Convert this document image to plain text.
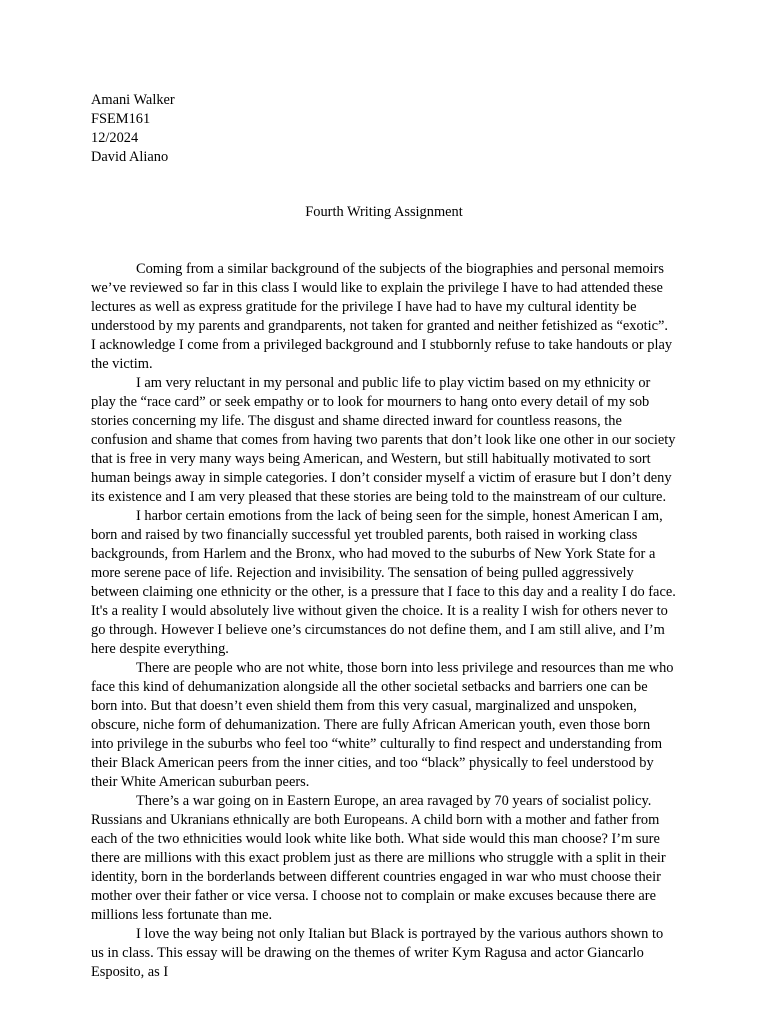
Amani Walker
FSEM161
12/2024
David Aliano
Fourth Writing Assignment

Coming from a similar background of the subjects of the biographies and personal memoirs we’ve reviewed so far in this class I would like to explain the privilege I have to had attended these lectures as well as express gratitude for the privilege I have had to have my cultural identity be understood by my parents and grandparents, not taken for granted and neither fetishized as “exotic”. I acknowledge I come from a privileged background and I stubbornly refuse to take handouts or play the victim.

I am very reluctant in my personal and public life to play victim based on my ethnicity or play the “race card” or seek empathy or to look for mourners to hang onto every detail of my sob stories concerning my life. The disgust and shame directed inward for countless reasons, the confusion and shame that comes from having two parents that don’t look like one other in our society that is free in very many ways being American, and Western, but still habitually motivated to sort human beings away in simple categories. I don’t consider myself a victim of erasure but I don’t deny its existence and I am very pleased that these stories are being told to the mainstream of our culture.

I harbor certain emotions from the lack of being seen for the simple, honest American I am, born and raised by two financially successful yet troubled parents, both raised in working class backgrounds, from Harlem and the Bronx, who had moved to the suburbs of New York State for a more serene pace of life. Rejection and invisibility. The sensation of being pulled aggressively between claiming one ethnicity or the other, is a pressure that I face to this day and a reality I do face. It's a reality I would absolutely live without given the choice. It is a reality I wish for others never to go through. However I believe one’s circumstances do not define them, and I am still alive, and I’m here despite everything.

There are people who are not white, those born into less privilege and resources than me who face this kind of dehumanization alongside all the other societal setbacks and barriers one can be born into. But that doesn’t even shield them from this very casual, marginalized and unspoken, obscure, niche form of dehumanization. There are fully African American youth, even those born into privilege in the suburbs who feel too “white” culturally to find respect and understanding from their Black American peers from the inner cities, and too “black” physically to feel understood by their White American suburban peers.

There’s a war going on in Eastern Europe, an area ravaged by 70 years of socialist policy. Russians and Ukranians ethnically are both Europeans. A child born with a mother and father from each of the two ethnicities would look white like both. What side would this man choose? I’m sure there are millions with this exact problem just as there are millions who struggle with a split in their identity, born in the borderlands between different countries engaged in war who must choose their mother over their father or vice versa. I choose not to complain or make excuses because there are millions less fortunate than me.

I love the way being not only Italian but Black is portrayed by the various authors shown to us in class. This essay will be drawing on the themes of writer Kym Ragusa and actor Giancarlo Esposito, as I
